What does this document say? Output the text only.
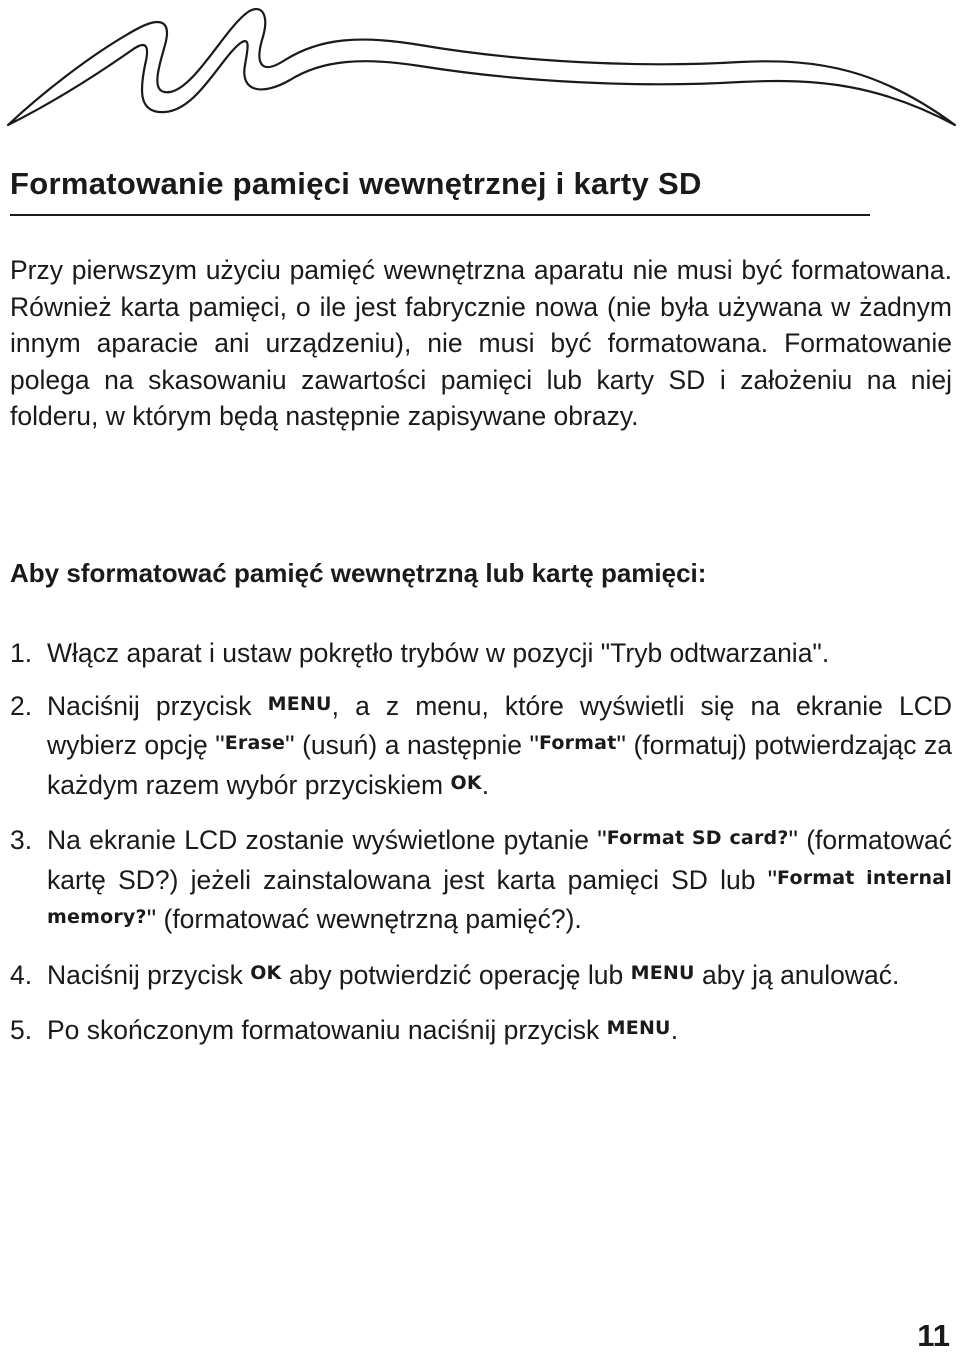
Formatowanie pamięci wewnętrznej i karty SD

Przy pierwszym użyciu pamięć wewnętrzna aparatu nie musi być formatowana. Również karta pamięci, o ile jest fabrycznie nowa (nie była używana w żadnym innym aparacie ani urządzeniu), nie musi być formatowana. Formatowanie polega na skasowaniu zawartości pamięci lub karty SD i założeniu na niej folderu, w którym będą następnie zapisywane obrazy.

Aby sformatować pamięć wewnętrzną lub kartę pamięci:
1. Włącz aparat i ustaw pokrętło trybów w pozycji "Tryb odtwarzania".
2. Naciśnij przycisk MENU, a z menu, które wyświetli się na ekranie LCD wybierz opcję "Erase" (usuń) a następnie "Format" (formatuj) potwierdzając za każdym razem wybór przyciskiem OK.
3. Na ekranie LCD zostanie wyświetlone pytanie "Format SD card?" (formatować kartę SD?) jeżeli zainstalowana jest karta pamięci SD lub "Format internal memory?" (formatować wewnętrzną pamięć?).
4. Naciśnij przycisk OK aby potwierdzić operację lub MENU aby ją anulować.
5. Po skończonym formatowaniu naciśnij przycisk MENU.
11
